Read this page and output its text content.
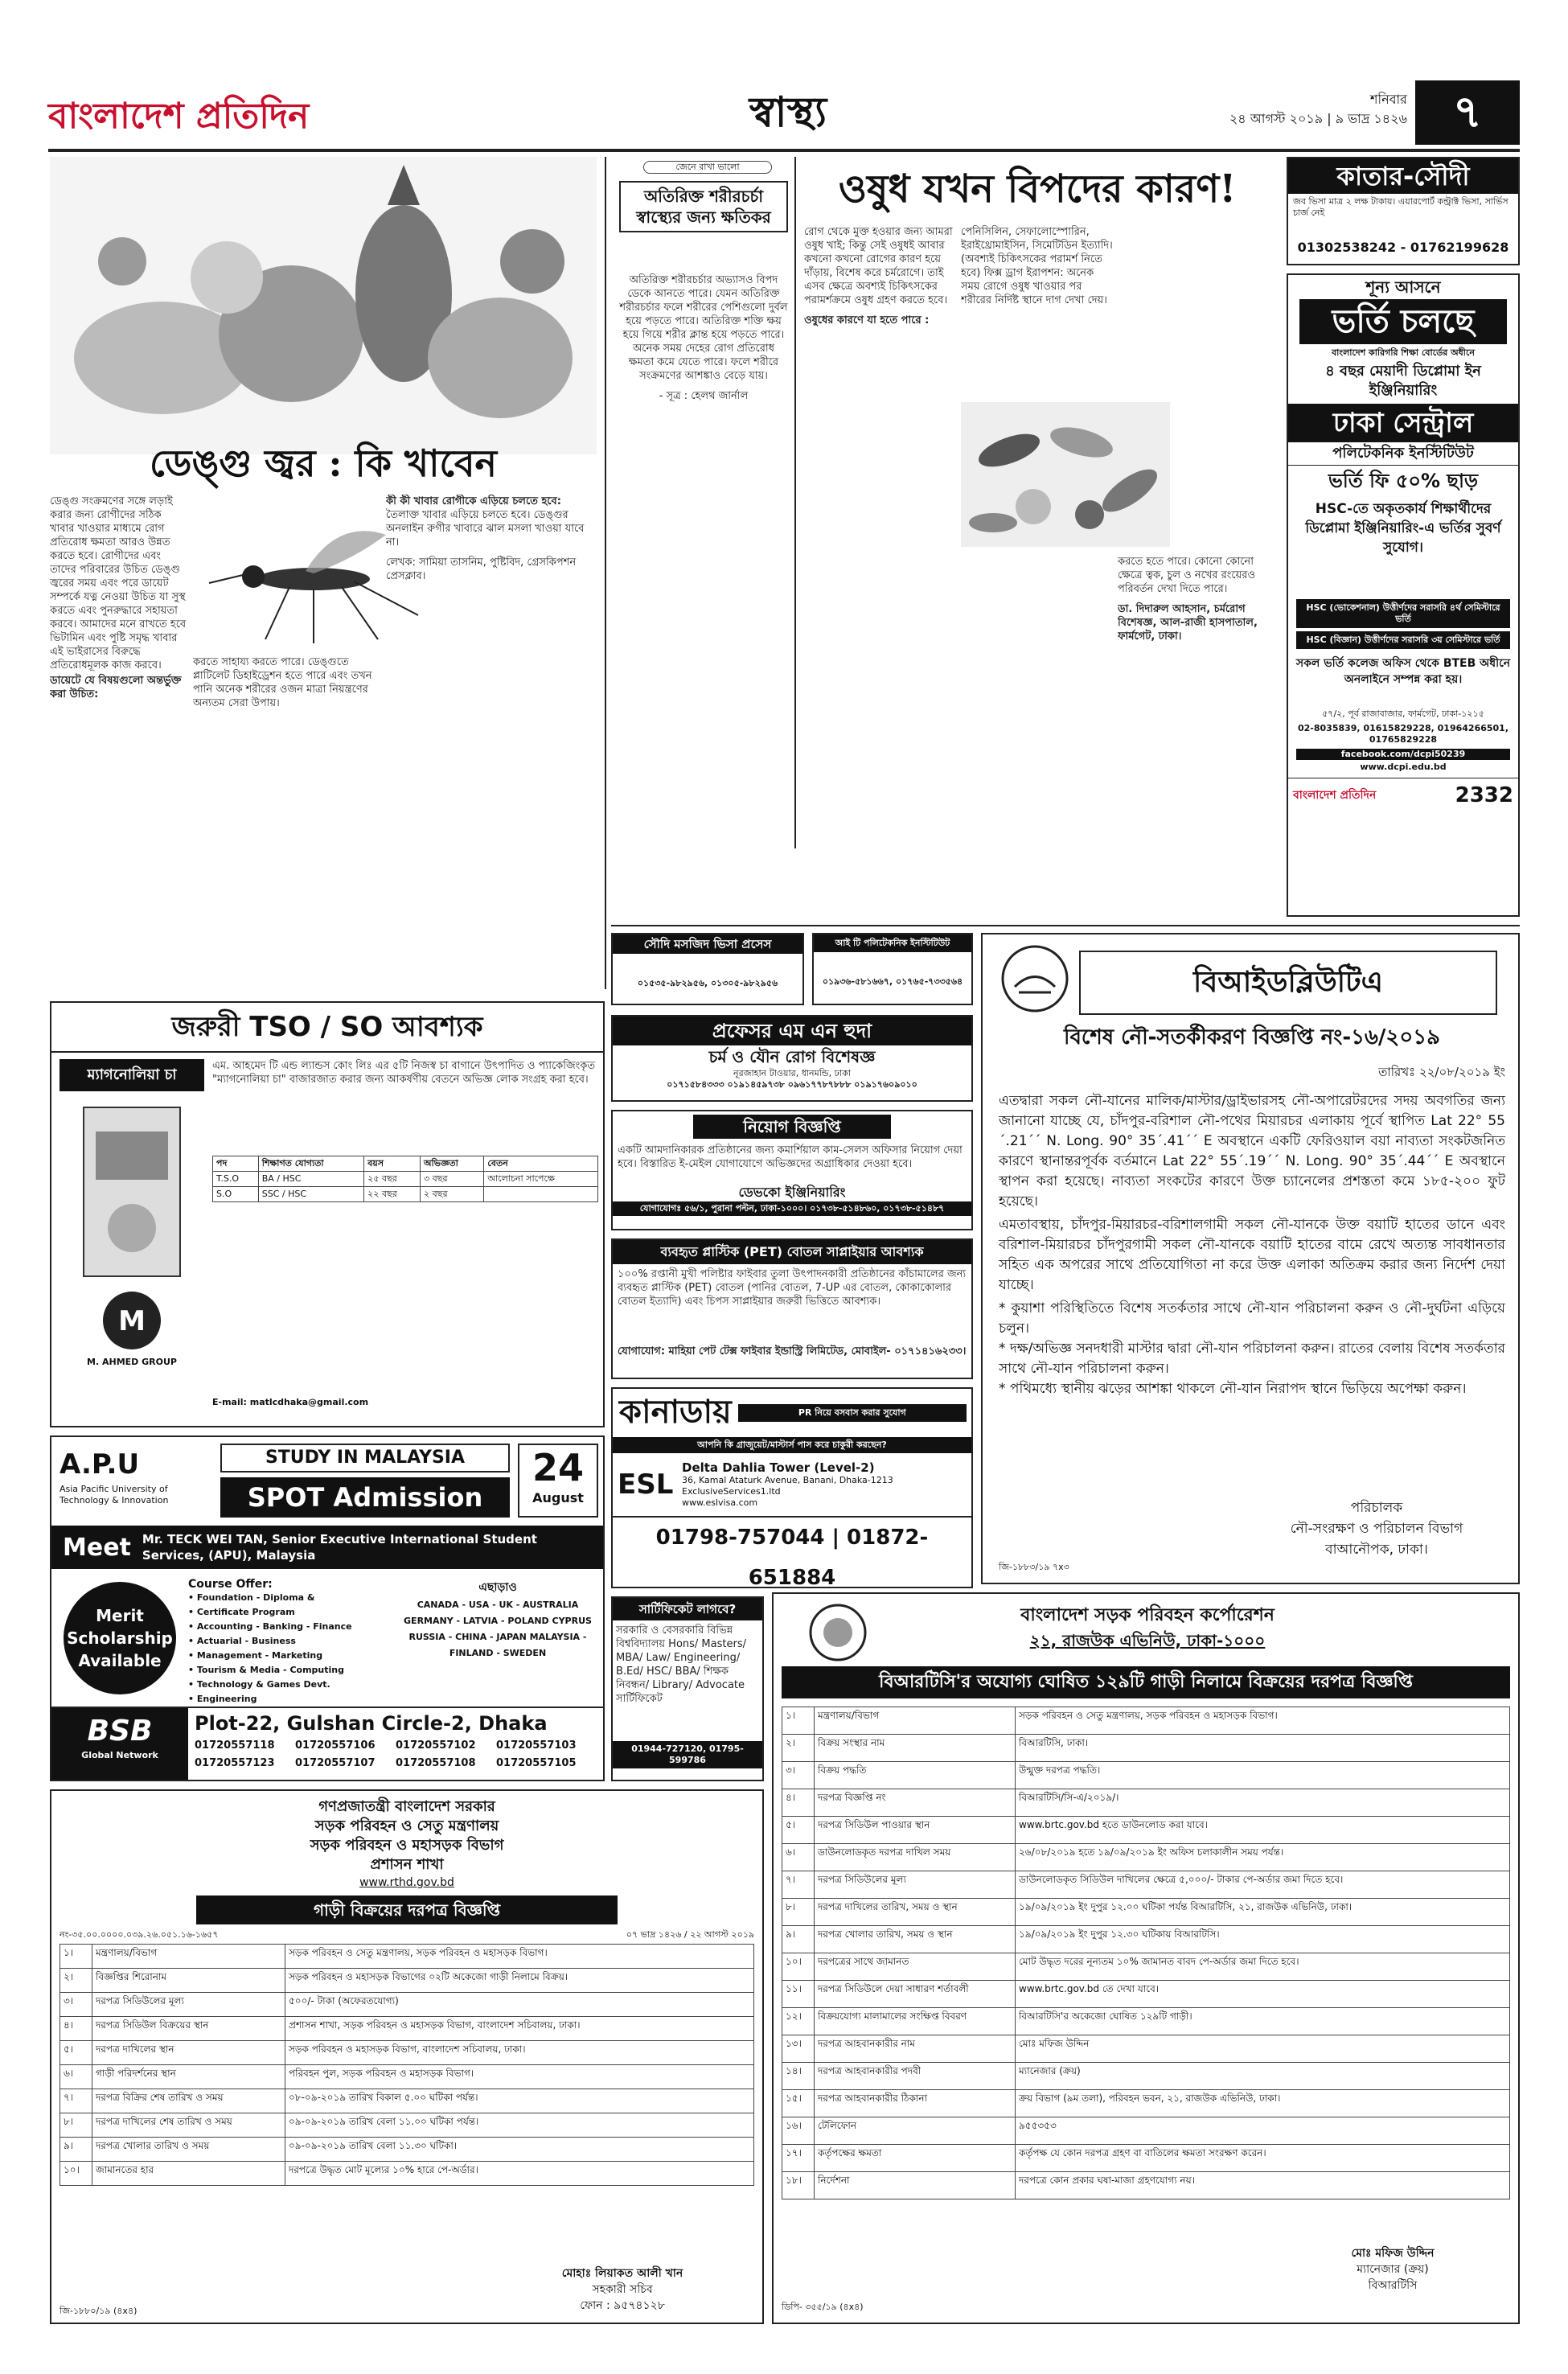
বাংলাদেশ প্রতিদিন	স্বাস্থ্য	শনিবার
২৪ আগস্ট ২০১৯ | ৯ ভাদ্র ১৪২৬	৭
ডেঙ্গু জ্বর : কি খাবেন

ডেঙ্গু সংক্রমণের সঙ্গে লড়াই করার জন্য রোগীদের সঠিক খাবার খাওয়ার মাধ্যমে রোগ প্রতিরোধ ক্ষমতা আরও উন্নত করতে হবে। রোগীদের এবং তাদের পরিবারের উচিত ডেঙ্গু জ্বরের সময় এবং পরে ডায়েট সম্পর্কে যত্ন নেওয়া উচিত যা সুস্থ করতে এবং পুনরুদ্ধারে সহায়তা করবে। আমাদের মনে রাখতে হবে ভিটামিন এবং পুষ্টি সমৃদ্ধ খাবার এই ভাইরাসের বিরুদ্ধে প্রতিরোধমূলক কাজ করবে।

ডায়েটে যে বিষয়গুলো অন্তর্ভুক্ত করা উচিত:

করতে সাহায্য করতে পারে। ডেঙ্গুতে প্লাটিলেট ডিহাইড্রেশন হতে পারে এবং তখন পানি অনেক শরীরের ওজন মাত্রা নিয়ন্ত্রণের অন্যতম সেরা উপায়।

কী কী খাবার রোগীকে এড়িয়ে চলতে হবে:

তৈলাক্ত খাবার এড়িয়ে চলতে হবে। ডেঙ্গুর অনলাইন রুগীর খাবারে ঝাল মসলা খাওয়া যাবে না।

লেখক: সামিয়া তাসনিম, পুষ্টিবিদ, গ্রেসকিপশন প্রেসক্লাব।

জেনে রাখা ভালো
অতিরিক্ত শরীরচর্চা স্বাস্থ্যের জন্য ক্ষতিকর

অতিরিক্ত শরীরচর্চার অভ্যাসও বিপদ ডেকে আনতে পারে। যেমন অতিরিক্ত শরীরচর্চার ফলে শরীরের পেশিগুলো দুর্বল হয়ে পড়তে পারে। অতিরিক্ত শক্তি ক্ষয় হয়ে গিয়ে শরীর ক্লান্ত হয়ে পড়তে পারে। অনেক সময় দেহের রোগ প্রতিরোধ ক্ষমতা কমে যেতে পারে। ফলে শরীরে সংক্রমণের আশঙ্কাও বেড়ে যায়।

- সূত্র : হেলথ জার্নাল

ওষুধ যখন বিপদের কারণ!

রোগ থেকে মুক্ত হওয়ার জন্য আমরা ওষুধ খাই; কিন্তু সেই ওষুধই আবার কখনো কখনো রোগের কারণ হয়ে দাঁড়ায়, বিশেষ করে চর্মরোগে। তাই এসব ক্ষেত্রে অবশ্যই চিকিৎসকের পরামর্শক্রমে ওষুধ গ্রহণ করতে হবে।

ওষুধের কারণে যা হতে পারে :

পেনিসিলিন, সেফালোস্পোরিন, ইরাইথ্রোমাইসিন, সিমেটিডিন ইত্যাদি। (অবশ্যই চিকিৎসকের পরামর্শ নিতে হবে) ফিক্স ড্রাগ ইরাপশন: অনেক সময় রোগে ওষুধ খাওয়ার পর শরীরের নির্দিষ্ট স্থানে দাগ দেখা দেয়।

করতে হতে পারে। কোনো কোনো ক্ষেত্রে ত্বক, চুল ও নখের রংয়েরও পরিবর্তন দেখা দিতে পারে।

ডা. দিদারুল আহসান, চর্মরোগ বিশেষজ্ঞ, আল-রাজী হাসপাতাল, ফার্মগেট, ঢাকা।

কাতার-সৌদী
জব ভিসা মাত্র ২ লক্ষ টাকায়। এয়ারপোর্ট কন্ট্রাক্ট ভিসা, সার্ভিস চার্জ নেই
01302538242 - 01762199628
শূন্য আসনে
ভর্তি চলছে
বাংলাদেশ কারিগরি শিক্ষা বোর্ডের অধীনে
৪ বছর মেয়াদী ডিপ্লোমা ইন ইঞ্জিনিয়ারিং
ঢাকা সেন্ট্রাল
পলিটেকনিক ইনস্টিটিউট
ভর্তি ফি ৫০% ছাড়
HSC-তে অকৃতকার্য শিক্ষার্থীদের ডিপ্লোমা ইঞ্জিনিয়ারিং-এ ভর্তির সুবর্ণ সুযোগ।
HSC (ভোকেশনাল) উত্তীর্ণদের সরাসরি ৪র্থ সেমিস্টারে ভর্তি
HSC (বিজ্ঞান) উত্তীর্ণদের সরাসরি ৩য় সেমিস্টারে ভর্তি
সকল ভর্তি কলেজ অফিস থেকে BTEB অধীনে অনলাইনে সম্পন্ন করা হয়।
৫৭/২, পূর্ব রাজাবাজার, ফার্মগেট, ঢাকা-১২১৫
02-8035839, 01615829228, 01964266501, 01765829228
facebook.com/dcpi50239
www.dcpi.edu.bd
বাংলাদেশ প্রতিদিন	2332
সৌদি মসজিদ ভিসা প্রসেস
০১৫৩৫-৯৮২৯৫৬, ০১৩০৫-৯৮২৯৫৬
আই টি পলিটেকনিক ইনস্টিটিউট
০১৯৩৬-৫৮১৬৬৭, ০১৭৬৫-৭৩৩৫৬৪
প্রফেসর এম এন হুদা
চর্ম ও যৌন রোগ বিশেষজ্ঞ
নূরজাহান টাওয়ার, ধানমন্ডি, ঢাকা
০১৭১৫৮৪৩৩৩ ০১৯১৪৫৯৭৩৮ ০৯৬১৭৭৮৭৮৮৮ ০১৯১৭৬০৯০১০
বিআইডব্লিউটিএ
বিশেষ নৌ-সতর্কীকরণ বিজ্ঞপ্তি নং-১৬/২০১৯
তারিখঃ ২২/০৮/২০১৯ ইং

এতদ্বারা সকল নৌ-যানের মালিক/মাস্টার/ড্রাইভারসহ নৌ-অপারেটরদের সদয় অবগতির জন্য জানানো যাচ্ছে যে, চাঁদপুর-বরিশাল নৌ-পথের মিয়ারচর এলাকায় পূর্বে স্থাপিত Lat 22° 55´.21´´ N. Long. 90° 35´.41´´ E অবস্থানে একটি ফেরিওয়াল বয়া নাব্যতা সংকটজনিত কারণে স্থানান্তরপূর্বক বর্তমানে Lat 22° 55´.19´´ N. Long. 90° 35´.44´´ E অবস্থানে স্থাপন করা হয়েছে। নাব্যতা সংকটের কারণে উক্ত চ্যানেলের প্রশস্ততা কমে ১৮৫-২০০ ফুট হয়েছে।

এমতাবস্থায়, চাঁদপুর-মিয়ারচর-বরিশালগামী সকল নৌ-যানকে উক্ত বয়াটি হাতের ডানে এবং বরিশাল-মিয়ারচর চাঁদপুরগামী সকল নৌ-যানকে বয়াটি হাতের বামে রেখে অত্যন্ত সাবধানতার সহিত এক অপরের সাথে প্রতিযোগিতা না করে উক্ত এলাকা অতিক্রম করার জন্য নির্দেশ দেয়া যাচ্ছে।

* কুয়াশা পরিস্থিতিতে বিশেষ সতর্কতার সাথে নৌ-যান পরিচালনা করুন ও নৌ-দুর্ঘটনা এড়িয়ে চলুন।

* দক্ষ/অভিজ্ঞ সনদধারী মাস্টার দ্বারা নৌ-যান পরিচালনা করুন। রাতের বেলায় বিশেষ সতর্কতার সাথে নৌ-যান পরিচালনা করুন।

* পথিমধ্যে স্থানীয় ঝড়ের আশঙ্কা থাকলে নৌ-যান নিরাপদ স্থানে ভিড়িয়ে অপেক্ষা করুন।

পরিচালক
নৌ-সংরক্ষণ ও পরিচালন বিভাগ
বাআনৌপক, ঢাকা।
জি-১৮৮৩/১৯ ৭x৩
নিয়োগ বিজ্ঞপ্তি
একটি আমদানিকারক প্রতিষ্ঠানের জন্য কমার্শিয়াল কাম-সেলস অফিসার নিয়োগ দেয়া হবে। বিস্তারিত ই-মেইল যোগাযোগে অভিজ্ঞদের অগ্রাধিকার দেওয়া হবে।
ডেভকো ইঞ্জিনিয়ারিং
যোগাযোগঃ ৫৬/১, পুরানা পল্টন, ঢাকা-১০০০। ০১৭৩৮-৫১৪৮৬০, ০১৭৩৮-৫১৪৮৭
ব্যবহৃত প্লাস্টিক (PET) বোতল সাপ্লাইয়ার আবশ্যক
১০০% রপ্তানী মুখী পলিষ্টার ফাইবার তুলা উৎপাদনকারী প্রতিষ্ঠানের কাঁচামালের জন্য ব্যবহৃত প্লাস্টিক (PET) বোতল (পানির বোতল, 7-UP এর বোতল, কোকাকোলার বোতল ইত্যাদি) এবং চিপস সাপ্লাইয়ার জরুরী ভিত্তিতে আবশ্যক।
যোগাযোগ: মাহিয়া পেট টেক্স ফাইবার ইন্ডাস্ট্রি লিমিটেড, মোবাইল- ০১৭১৪১৬২৩৩।
জরুরী TSO / SO আবশ্যক
ম্যাগনোলিয়া চা
M
M. AHMED GROUP
এম. আহমেদ টি এন্ড ল্যান্ডস কোং লিঃ এর ৫টি নিজস্ব চা বাগানে উৎপাদিত ও প্যাকেজিংকৃত "ম্যাগনোলিয়া চা" বাজারজাত করার জন্য আকর্ষণীয় বেতনে অভিজ্ঞ লোক সংগ্রহ করা হবে।
পদ	শিক্ষাগত যোগ্যতা	বয়স	অভিজ্ঞতা	বেতন
T.S.O	BA / HSC	২৫ বছর	৩ বছর	আলোচনা সাপেক্ষে
S.O	SSC / HSC	২২ বছর	২ বছর	
E-mail: matlcdhaka@gmail.com
A.P.U
Asia Pacific University of Technology & Innovation
STUDY IN MALAYSIA
SPOT Admission
24
August
Meet Mr. TECK WEI TAN, Senior Executive International Student Services, (APU), Malaysia
Merit Scholarship Available
Course Offer:
• Foundation - Diploma &
• Certificate Program
• Accounting - Banking - Finance
• Actuarial - Business
• Management - Marketing
• Tourism & Media - Computing
• Technology & Games Devt.
• Engineering
এছাড়াও
CANADA - USA - UK - AUSTRALIA GERMANY - LATVIA - POLAND CYPRUS RUSSIA - CHINA - JAPAN MALAYSIA - FINLAND - SWEDEN
BSB
Global Network
Plot-22, Gulshan Circle-2, Dhaka
01720557118	01720557106	01720557102	01720557103
01720557123	01720557107	01720557108	01720557105
কানাডায়	PR নিয়ে বসবাস করার সুযোগ
আপনি কি গ্রাজুয়েট/মাস্টার্স পাস করে চাকুরী করছেন?
ESL
Delta Dahlia Tower (Level-2)
36, Kamal Ataturk Avenue, Banani, Dhaka-1213
ExclusiveServices1.ltd
www.eslvisa.com
01798-757044 | 01872-651884
সার্টিফিকেট লাগবে?
সরকারি ও বেসরকারি বিভিন্ন বিশ্ববিদ্যালয় Hons/ Masters/ MBA/ Law/ Engineering/ B.Ed/ HSC/ BBA/ শিক্ষক নিবন্ধন/ Library/ Advocate সার্টিফিকেট
01944-727120, 01795-599786
বাংলাদেশ সড়ক পরিবহন কর্পোরেশন
২১, রাজউক এভিনিউ, ঢাকা-১০০০
বিআরটিসি'র অযোগ্য ঘোষিত ১২৯টি গাড়ী নিলামে বিক্রয়ের দরপত্র বিজ্ঞপ্তি
১।	মন্ত্রণালয়/বিভাগ	সড়ক পরিবহন ও সেতু মন্ত্রণালয়, সড়ক পরিবহন ও মহাসড়ক বিভাগ।
২।	বিক্রয় সংস্থার নাম	বিআরটিসি, ঢাকা।
৩।	বিক্রয় পদ্ধতি	উন্মুক্ত দরপত্র পদ্ধতি।
৪।	দরপত্র বিজ্ঞপ্তি নং	বিআরটিসি/সি-এ/২০১৯/।
৫।	দরপত্র সিডিউল পাওয়ার স্থান	www.brtc.gov.bd হতে ডাউনলোড করা যাবে।
৬।	ডাউনলোডকৃত দরপত্র দাখিল সময়	২৬/০৮/২০১৯ হতে ১৯/০৯/২০১৯ ইং অফিস চলাকালীন সময় পর্যন্ত।
৭।	দরপত্র সিডিউলের মূল্য	ডাউনলোডকৃত সিডিউল দাখিলের ক্ষেত্রে ৫,০০০/- টাকার পে-অর্ডার জমা দিতে হবে।
৮।	দরপত্র দাখিলের তারিখ, সময় ও স্থান	১৯/০৯/২০১৯ ইং দুপুর ১২.০০ ঘটিকা পর্যন্ত বিআরটিসি, ২১, রাজউক এভিনিউ, ঢাকা।
৯।	দরপত্র খোলার তারিখ, সময় ও স্থান	১৯/০৯/২০১৯ ইং দুপুর ১২.৩০ ঘটিকায় বিআরটিসি।
১০।	দরপত্রের সাথে জামানত	মোট উদ্ধৃত দরের নূন্যতম ১০% জামানত বাবদ পে-অর্ডার জমা দিতে হবে।
১১।	দরপত্র সিডিউলে দেয়া সাধারণ শর্তাবলী	www.brtc.gov.bd তে দেখা যাবে।
১২।	বিক্রয়যোগ্য মালামালের সংক্ষিপ্ত বিবরণ	বিআরটিসি'র অকেজো ঘোষিত ১২৯টি গাড়ী।
১৩।	দরপত্র আহবানকারীর নাম	মোঃ মফিজ উদ্দিন
১৪।	দরপত্র আহবানকারীর পদবী	ম্যানেজার (ক্রয়)
১৫।	দরপত্র আহবানকারীর ঠিকানা	ক্রয় বিভাগ (৯ম তলা), পরিবহন ভবন, ২১, রাজউক এভিনিউ, ঢাকা।
১৬।	টেলিফোন	৯৫৫৩৫৩
১৭।	কর্তৃপক্ষের ক্ষমতা	কর্তৃপক্ষ যে কোন দরপত্র গ্রহণ বা বাতিলের ক্ষমতা সংরক্ষণ করেন।
১৮।	নির্দেশনা	দরপত্রে কোন প্রকার ঘষা-মাজা গ্রহণযোগ্য নয়।
মোঃ মফিজ উদ্দিন
ম্যানেজার (ক্রয়)
বিআরটিসি
ডিপি- ৩৫৫/১৯ (৪x৪)
গণপ্রজাতন্ত্রী বাংলাদেশ সরকার
সড়ক পরিবহন ও সেতু মন্ত্রণালয়
সড়ক পরিবহন ও মহাসড়ক বিভাগ
প্রশাসন শাখা
www.rthd.gov.bd
গাড়ী বিক্রয়ের দরপত্র বিজ্ঞপ্তি
নং-৩৫.০০.০০০০.০৩৯.২৬.০৫১.১৬-১৬৫৭	০৭ ভাদ্র ১৪২৬ / ২২ আগস্ট ২০১৯
১।	মন্ত্রণালয়/বিভাগ	সড়ক পরিবহন ও সেতু মন্ত্রণালয়, সড়ক পরিবহন ও মহাসড়ক বিভাগ।
২।	বিজ্ঞপ্তির শিরোনাম	সড়ক পরিবহন ও মহাসড়ক বিভাগের ০২টি অকেজো গাড়ী নিলামে বিক্রয়।
৩।	দরপত্র সিডিউলের মূল্য	৫০০/- টাকা (অফেরতযোগ্য)
৪।	দরপত্র সিডিউল বিক্রয়ের স্থান	প্রশাসন শাখা, সড়ক পরিবহন ও মহাসড়ক বিভাগ, বাংলাদেশ সচিবালয়, ঢাকা।
৫।	দরপত্র দাখিলের স্থান	সড়ক পরিবহন ও মহাসড়ক বিভাগ, বাংলাদেশ সচিবালয়, ঢাকা।
৬।	গাড়ী পরিদর্শনের স্থান	পরিবহন পুল, সড়ক পরিবহন ও মহাসড়ক বিভাগ।
৭।	দরপত্র বিক্রির শেষ তারিখ ও সময়	০৮-০৯-২০১৯ তারিখ বিকাল ৫.০০ ঘটিকা পর্যন্ত।
৮।	দরপত্র দাখিলের শেষ তারিখ ও সময়	০৯-০৯-২০১৯ তারিখ বেলা ১১.০০ ঘটিকা পর্যন্ত।
৯।	দরপত্র খোলার তারিখ ও সময়	০৯-০৯-২০১৯ তারিখ বেলা ১১.৩০ ঘটিকা।
১০।	জামানতের হার	দরপত্রে উদ্ধৃত মোট মূল্যের ১০% হারে পে-অর্ডার।
মোহাঃ লিয়াকত আলী খান
সহকারী সচিব
ফোন : ৯৫৭৪১২৮
জি-১৮৮০/১৯ (৪x৪)
